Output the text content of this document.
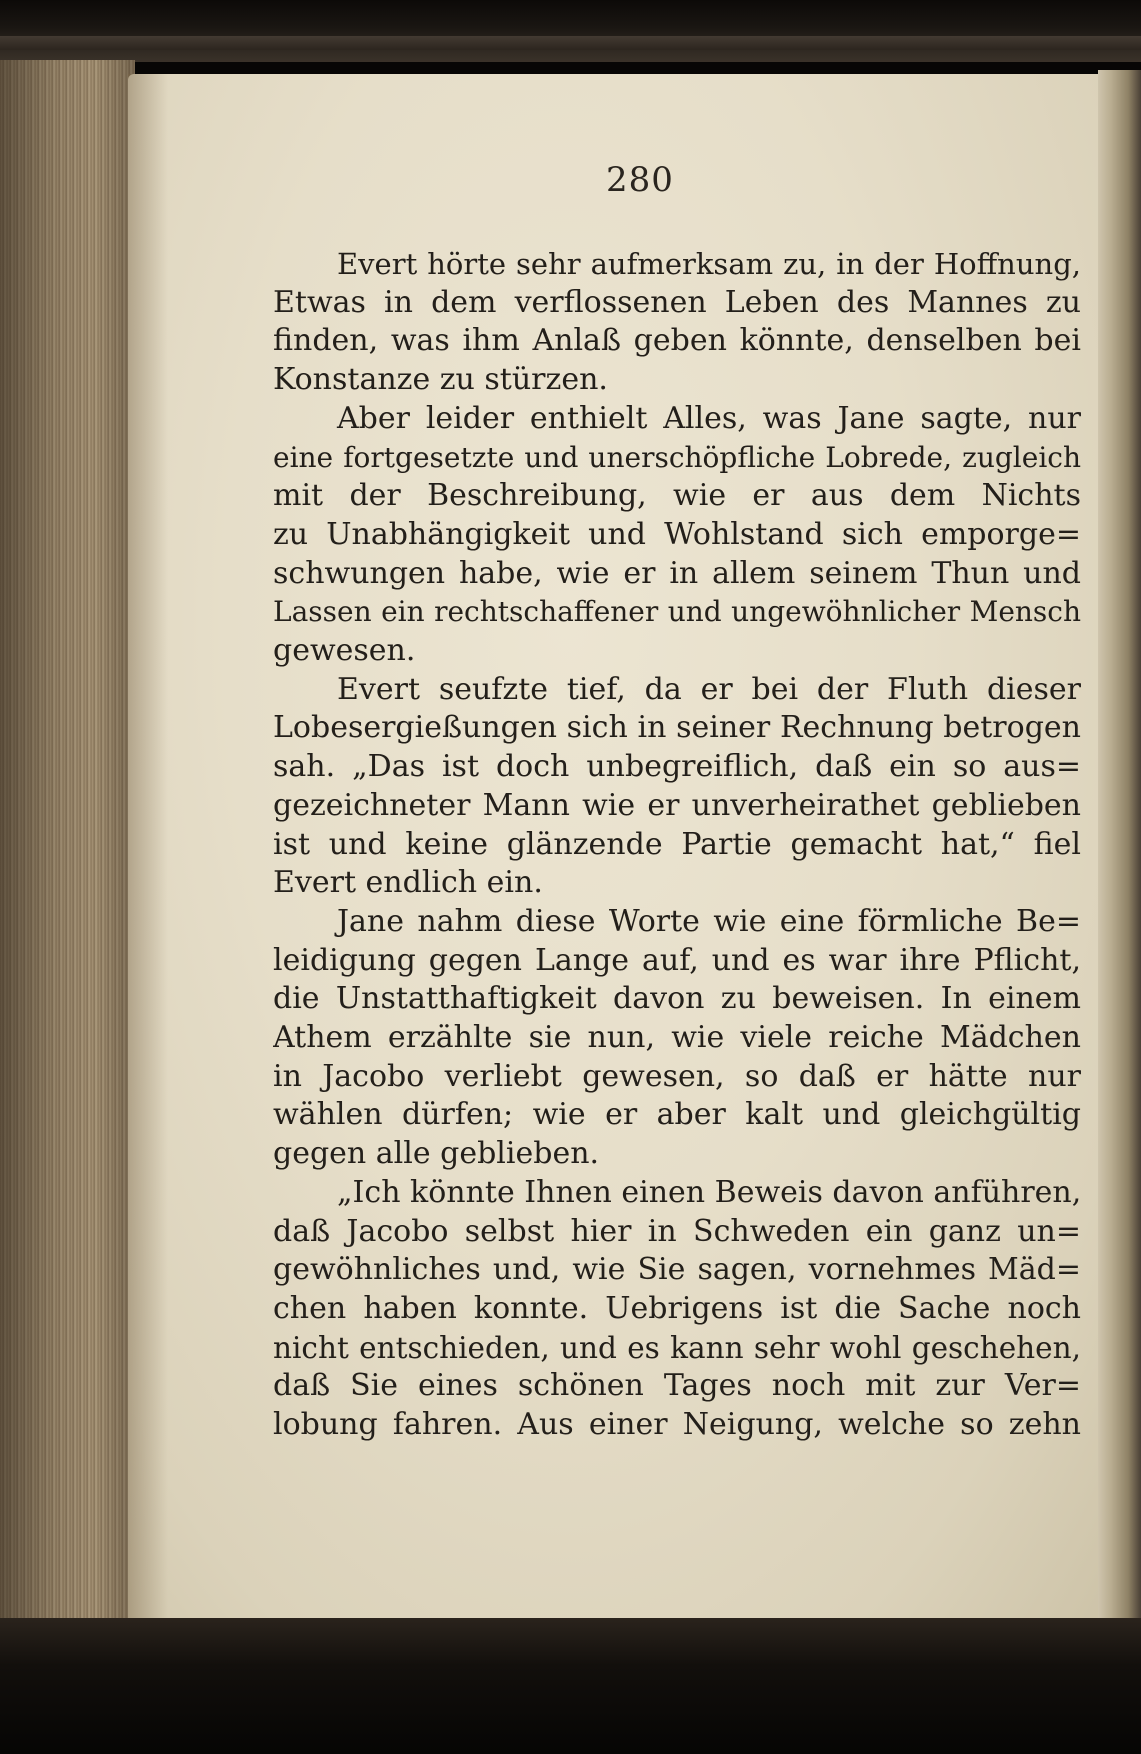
280
Evert hörte sehr aufmerksam zu, in der Hoffnung,
Etwas in dem verflossenen Leben des Mannes zu
finden, was ihm Anlaß geben könnte, denselben bei
Konstanze zu stürzen.
Aber leider enthielt Alles, was Jane sagte, nur
eine fortgesetzte und unerschöpfliche Lobrede, zugleich
mit der Beschreibung, wie er aus dem Nichts
zu Unabhängigkeit und Wohlstand sich emporge=
schwungen habe, wie er in allem seinem Thun und
Lassen ein rechtschaffener und ungewöhnlicher Mensch
gewesen.
Evert seufzte tief, da er bei der Fluth dieser
Lobesergießungen sich in seiner Rechnung betrogen
sah. „Das ist doch unbegreiflich, daß ein so aus=
gezeichneter Mann wie er unverheirathet geblieben
ist und keine glänzende Partie gemacht hat,“ fiel
Evert endlich ein.
Jane nahm diese Worte wie eine förmliche Be=
leidigung gegen Lange auf, und es war ihre Pflicht,
die Unstatthaftigkeit davon zu beweisen. In einem
Athem erzählte sie nun, wie viele reiche Mädchen
in Jacobo verliebt gewesen, so daß er hätte nur
wählen dürfen; wie er aber kalt und gleichgültig
gegen alle geblieben.
„Ich könnte Ihnen einen Beweis davon anführen,
daß Jacobo selbst hier in Schweden ein ganz un=
gewöhnliches und, wie Sie sagen, vornehmes Mäd=
chen haben konnte. Uebrigens ist die Sache noch
nicht entschieden, und es kann sehr wohl geschehen,
daß Sie eines schönen Tages noch mit zur Ver=
lobung fahren. Aus einer Neigung, welche so zehn
